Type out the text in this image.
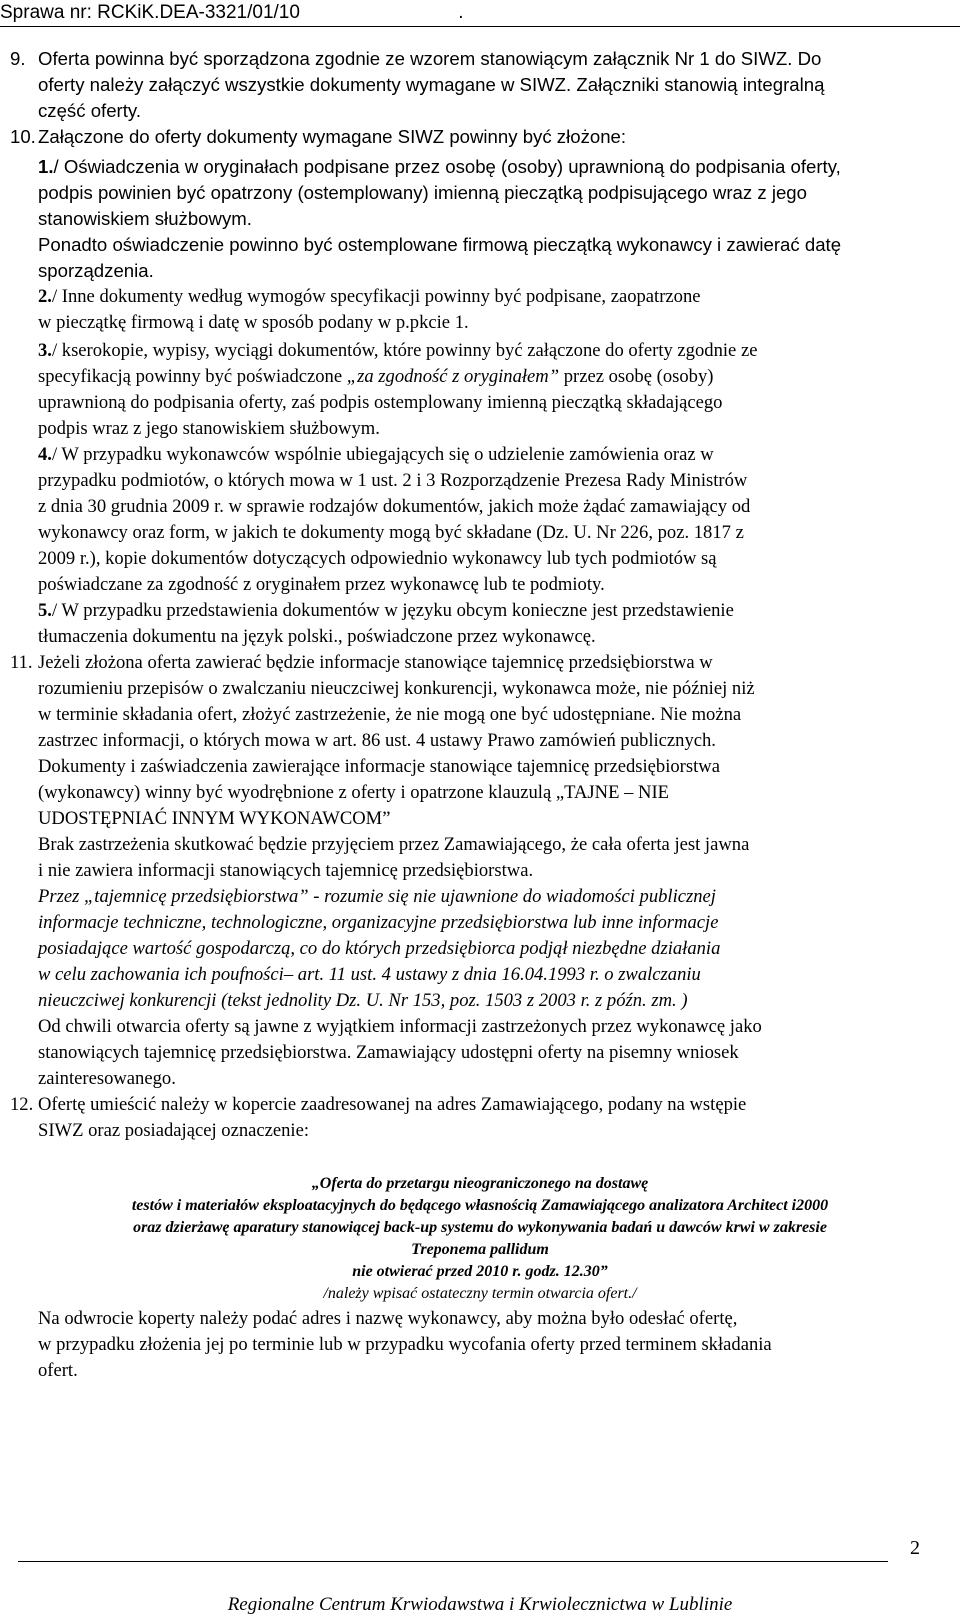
Sprawa nr: RCKiK.DEA-3321/01/10                              .
9. Oferta powinna być sporządzona zgodnie ze wzorem stanowiącym załącznik Nr 1 do SIWZ. Do
oferty należy załączyć wszystkie dokumenty wymagane w SIWZ. Załączniki stanowią integralną
część oferty.
10. Załączone do oferty dokumenty wymagane SIWZ powinny być złożone:
1./ Oświadczenia w oryginałach podpisane przez osobę (osoby) uprawnioną do podpisania oferty,
podpis powinien być opatrzony (ostemplowany) imienną pieczątką podpisującego wraz z jego
stanowiskiem służbowym.
Ponadto oświadczenie powinno być ostemplowane firmową pieczątką wykonawcy i zawierać datę
sporządzenia.
2./ Inne dokumenty według wymogów specyfikacji powinny być podpisane, zaopatrzone
w pieczątkę firmową i datę w sposób podany w p.pkcie 1.
3./ kserokopie, wypisy, wyciągi dokumentów, które powinny być załączone do oferty zgodnie ze
specyfikacją powinny być poświadczone „za zgodność z oryginałem” przez osobę (osoby)
uprawnioną do podpisania oferty, zaś podpis ostemplowany imienną pieczątką składającego
podpis wraz z jego stanowiskiem służbowym.
4./ W przypadku wykonawców wspólnie ubiegających się o udzielenie zamówienia oraz w
przypadku podmiotów, o których mowa w 1 ust. 2 i 3 Rozporządzenie Prezesa Rady Ministrów
z dnia 30 grudnia 2009 r. w sprawie rodzajów dokumentów, jakich może żądać zamawiający od
wykonawcy oraz form, w jakich te dokumenty mogą być składane (Dz. U. Nr 226, poz. 1817 z
2009 r.), kopie dokumentów dotyczących odpowiednio wykonawcy lub tych podmiotów są
poświadczane za zgodność z oryginałem przez wykonawcę lub te podmioty.
5./ W przypadku przedstawienia dokumentów w języku obcym konieczne jest przedstawienie
tłumaczenia dokumentu na język polski., poświadczone przez wykonawcę.
11. Jeżeli złożona oferta zawierać będzie informacje stanowiące tajemnicę przedsiębiorstwa w
rozumieniu przepisów o zwalczaniu nieuczciwej konkurencji, wykonawca może, nie później niż
w terminie składania ofert, złożyć zastrzeżenie, że nie mogą one być udostępniane. Nie można
zastrzec informacji, o których mowa w art. 86 ust. 4 ustawy Prawo zamówień publicznych.
Dokumenty i zaświadczenia zawierające informacje stanowiące tajemnicę przedsiębiorstwa
(wykonawcy) winny być wyodrębnione z oferty i opatrzone klauzulą „TAJNE – NIE
UDOSTĘPNIAĆ INNYM WYKONAWCOM”
Brak zastrzeżenia skutkować będzie przyjęciem przez Zamawiającego, że cała oferta jest jawna
i nie zawiera informacji stanowiących tajemnicę przedsiębiorstwa.
Przez „tajemnicę przedsiębiorstwa” - rozumie się nie ujawnione do wiadomości publicznej
informacje techniczne, technologiczne, organizacyjne przedsiębiorstwa lub inne informacje
posiadające wartość gospodarczą, co do których przedsiębiorca podjął niezbędne działania
w celu zachowania ich poufności– art. 11 ust. 4 ustawy z dnia 16.04.1993 r. o zwalczaniu
nieuczciwej konkurencji (tekst jednolity Dz. U. Nr 153, poz. 1503 z 2003 r. z późn. zm. )
Od chwili otwarcia oferty są jawne z wyjątkiem informacji zastrzeżonych przez wykonawcę jako
stanowiących tajemnicę przedsiębiorstwa. Zamawiający udostępni oferty na pisemny wniosek
zainteresowanego.
12. Ofertę umieścić należy w kopercie zaadresowanej na adres Zamawiającego, podany na wstępie
SIWZ oraz posiadającej oznaczenie:
„Oferta do przetargu nieograniczonego na dostawę
testów i materiałów eksploatacyjnych do będącego własnością Zamawiającego analizatora Architect i2000
oraz dzierżawę aparatury stanowiącej back-up systemu do wykonywania badań u dawców krwi w zakresie
Treponema pallidum
nie otwierać przed 2010 r. godz. 12.30”
/należy wpisać ostateczny termin otwarcia ofert./
Na odwrocie koperty należy podać adres i nazwę wykonawcy, aby można było odesłać ofertę,
w przypadku złożenia jej po terminie lub w przypadku wycofania oferty przed terminem składania
ofert.
2
Regionalne Centrum Krwiodawstwa i Krwiolecznictwa w Lublinie
